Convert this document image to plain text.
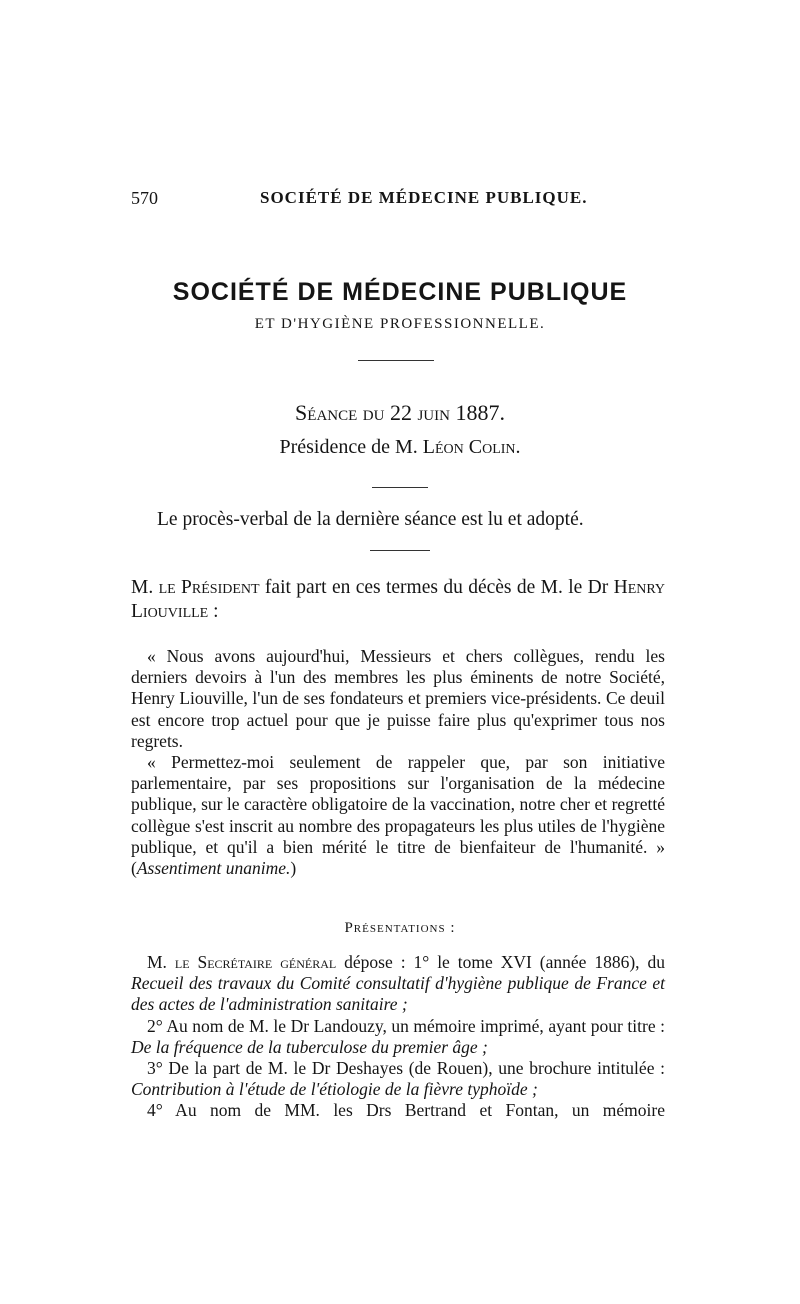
570	SOCIÉTÉ DE MÉDECINE PUBLIQUE.
SOCIÉTÉ DE MÉDECINE PUBLIQUE
ET D'HYGIÈNE PROFESSIONNELLE.
Séance du 22 juin 1887.
Présidence de M. Léon Colin.
Le procès-verbal de la dernière séance est lu et adopté.
M. le Président fait part en ces termes du décès de M. le Dr Henry Liouville :
« Nous avons aujourd'hui, Messieurs et chers collègues, rendu les derniers devoirs à l'un des membres les plus éminents de notre Société, Henry Liouville, l'un de ses fondateurs et premiers vice-présidents. Ce deuil est encore trop actuel pour que je puisse faire plus qu'exprimer tous nos regrets.
« Permettez-moi seulement de rappeler que, par son initiative parlementaire, par ses propositions sur l'organisation de la médecine publique, sur le caractère obligatoire de la vaccination, notre cher et regretté collègue s'est inscrit au nombre des propagateurs les plus utiles de l'hygiène publique, et qu'il a bien mérité le titre de bienfaiteur de l'humanité. » (Assentiment unanime.)
Présentations :
M. le Secrétaire général dépose : 1° le tome XVI (année 1886), du Recueil des travaux du Comité consultatif d'hygiène publique de France et des actes de l'administration sanitaire ;
2° Au nom de M. le Dr Landouzy, un mémoire imprimé, ayant pour titre : De la fréquence de la tuberculose du premier âge ;
3° De la part de M. le Dr Deshayes (de Rouen), une brochure intitulée : Contribution à l'étude de l'étiologie de la fièvre typhoïde ;
4° Au nom de MM. les Drs Bertrand et Fontan, un mémoire
